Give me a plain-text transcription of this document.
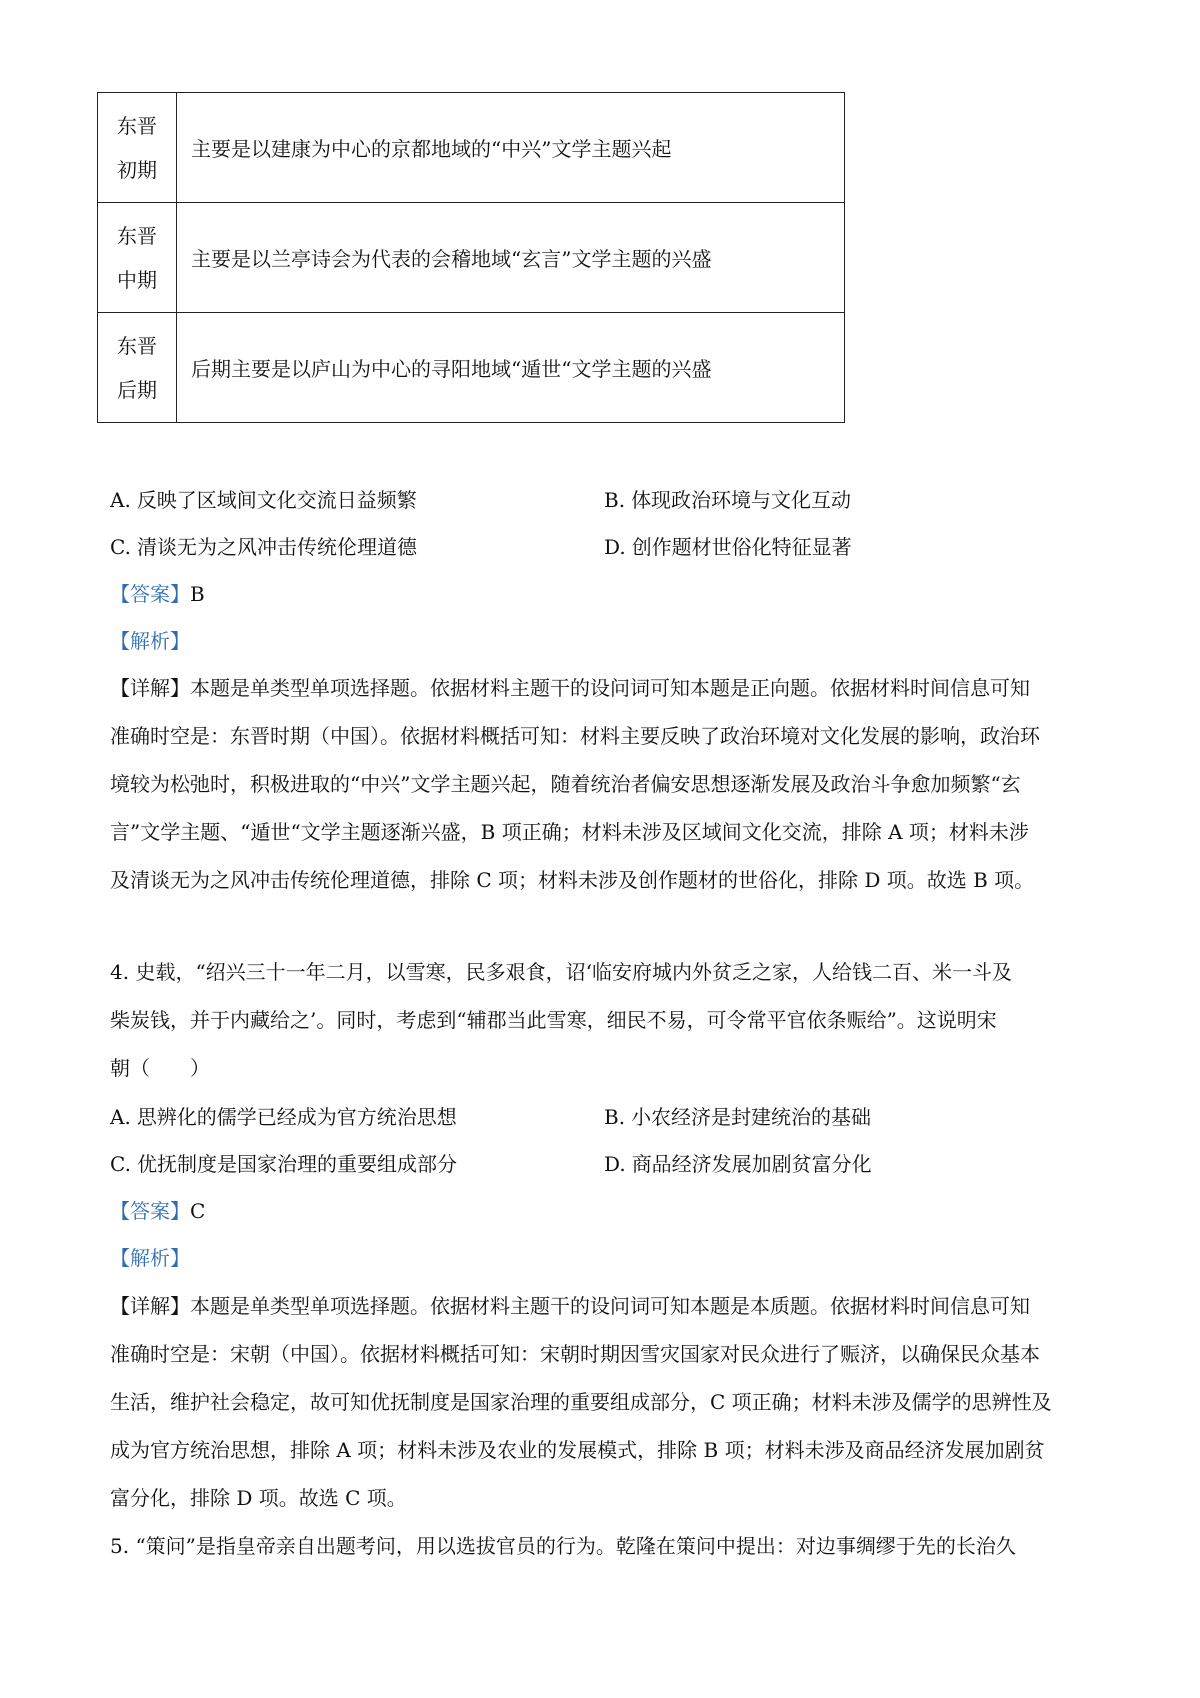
东晋
初期	主要是以建康为中心的京都地域的“中兴”文学主题兴起

东晋
中期	主要是以兰亭诗会为代表的会稽地域“玄言”文学主题的兴盛

东晋
后期	后期主要是以庐山为中心的寻阳地域“遁世“文学主题的兴盛
A. 反映了区域间文化交流日益频繁	B. 体现政治环境与文化互动
C. 清谈无为之风冲击传统伦理道德	D. 创作题材世俗化特征显著
【答案】B
【解析】
【详解】本题是单类型单项选择题。依据材料主题干的设问词可知本题是正向题。依据材料时间信息可知
准确时空是：东晋时期（中国）。依据材料概括可知：材料主要反映了政治环境对文化发展的影响，政治环
境较为松弛时，积极进取的“中兴”文学主题兴起，随着统治者偏安思想逐渐发展及政治斗争愈加频繁“玄
言”文学主题、“遁世“文学主题逐渐兴盛，B 项正确；材料未涉及区域间文化交流，排除 A 项；材料未涉
及清谈无为之风冲击传统伦理道德，排除 C 项；材料未涉及创作题材的世俗化，排除 D 项。故选 B 项。
4. 史载，“绍兴三十一年二月，以雪寒，民多艰食，诏‘临安府城内外贫乏之家，人给钱二百、米一斗及
柴炭钱，并于内藏给之’。同时，考虑到“辅郡当此雪寒，细民不易，可令常平官依条赈给”。这说明宋
朝（　　）
A. 思辨化的儒学已经成为官方统治思想	B. 小农经济是封建统治的基础
C. 优抚制度是国家治理的重要组成部分	D. 商品经济发展加剧贫富分化
【答案】C
【解析】
【详解】本题是单类型单项选择题。依据材料主题干的设问词可知本题是本质题。依据材料时间信息可知
准确时空是：宋朝（中国）。依据材料概括可知：宋朝时期因雪灾国家对民众进行了赈济，以确保民众基本
生活，维护社会稳定，故可知优抚制度是国家治理的重要组成部分，C 项正确；材料未涉及儒学的思辨性及
成为官方统治思想，排除 A 项；材料未涉及农业的发展模式，排除 B 项；材料未涉及商品经济发展加剧贫
富分化，排除 D 项。故选 C 项。
5. “策问”是指皇帝亲自出题考问，用以选拔官员的行为。乾隆在策问中提出：对边事绸缪于先的长治久
